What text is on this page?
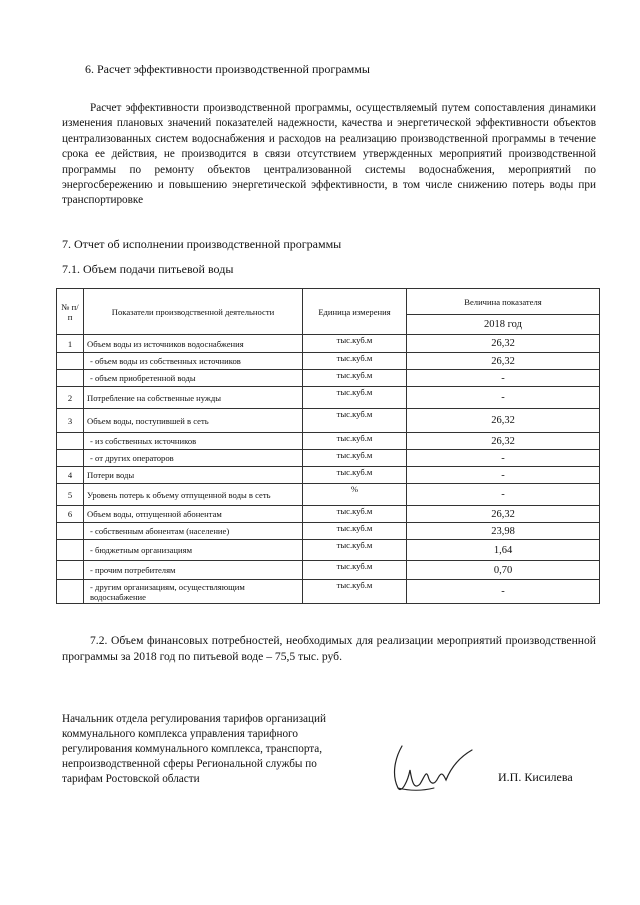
6. Расчет эффективности производственной программы
Расчет эффективности производственной программы, осуществляемый путем сопоставления динамики изменения плановых значений показателей надежности, качества и энергетической эффективности объектов централизованных систем водоснабжения и расходов на реализацию производственной программы в течение срока ее действия, не производится в связи отсутствием утвержденных мероприятий производственной программы по ремонту объектов централизованной системы водоснабжения, мероприятий по энергосбережению и повышению энергетической эффективности, в том числе снижению потерь воды при транспортировке
7. Отчет об исполнении производственной программы
7.1. Объем подачи питьевой воды
№ п/п	Показатели производственной деятельности	Единица измерения	Величина показателя
			2018 год
1	Объем воды из источников водоснабжения	тыс.куб.м	26,32
	- объем воды из собственных источников	тыс.куб.м	26,32
	- объем приобретенной воды	тыс.куб.м	-
2	Потребление на собственные нужды	тыс.куб.м	-
3	Объем воды, поступившей в сеть	тыс.куб.м	26,32
	- из собственных источников	тыс.куб.м	26,32
	- от других операторов	тыс.куб.м	-
4	Потери воды	тыс.куб.м	-
5	Уровень потерь к объему отпущенной воды в сеть	%	-
6	Объем воды, отпущенной абонентам	тыс.куб.м	26,32
	- собственным абонентам (население)	тыс.куб.м	23,98
	- бюджетным организациям	тыс.куб.м	1,64
	- прочим потребителям	тыс.куб.м	0,70
	- другим организациям, осуществляющим водоснабжение	тыс.куб.м	-
7.2. Объем финансовых потребностей, необходимых для реализации мероприятий производственной программы за 2018 год по питьевой воде – 75,5 тыс. руб.
Начальник отдела регулирования тарифов организаций
коммунального комплекса управления тарифного
регулирования коммунального комплекса, транспорта,
непроизводственной сферы Региональной службы по
тарифам Ростовской области	И.П. Кисилева
